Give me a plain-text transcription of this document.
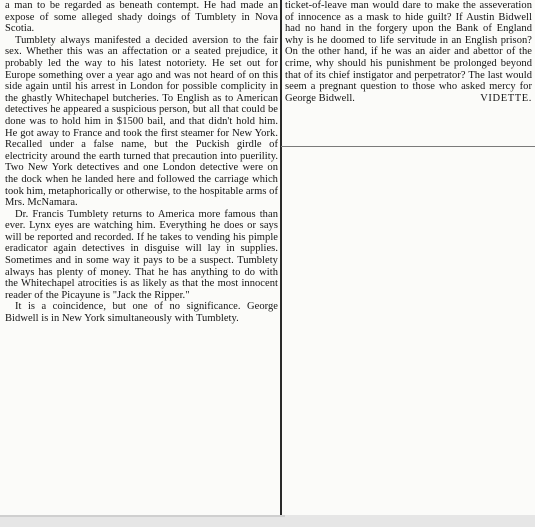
a man to be regarded as beneath contempt. He had made an expose of some alleged shady doings of Tumblety in Nova Scotia.

Tumblety always manifested a decided aversion to the fair sex. Whether this was an affectation or a seated prejudice, it probably led the way to his latest notoriety. He set out for Europe something over a year ago and was not heard of on this side again until his arrest in London for possible complicity in the ghastly Whitechapel butcheries. To English as to American detectives he appeared a suspicious person, but all that could be done was to hold him in $1500 bail, and that didn't hold him. He got away to France and took the first steamer for New York. Recalled under a false name, but the Puckish girdle of electricity around the earth turned that precaution into puerility. Two New York detectives and one London detective were on the dock when he landed here and followed the carriage which took him, metaphorically or otherwise, to the hospitable arms of Mrs. McNamara.

Dr. Francis Tumblety returns to America more famous than ever. Lynx eyes are watching him. Everything he does or says will be reported and recorded. If he takes to vending his pimple eradicator again detectives in disguise will lay in supplies. Sometimes and in some way it pays to be a suspect. Tumblety always has plenty of money. That he has anything to do with the Whitechapel atrocities is as likely as that the most innocent reader of the Picayune is "Jack the Ripper."

It is a coincidence, but one of no significance. George Bidwell is in New York simultaneously with Tumblety.

ticket-of-leave man would dare to make the asseveration of innocence as a mask to hide guilt? If Austin Bidwell had no hand in the forgery upon the Bank of England why is he doomed to life servitude in an English prison? On the other hand, if he was an aider and abettor of the crime, why should his punishment be prolonged beyond that of its chief instigator and perpetrator? The last would seem a pregnant question to those who asked mercy for George Bidwell.	VIDETTE.
